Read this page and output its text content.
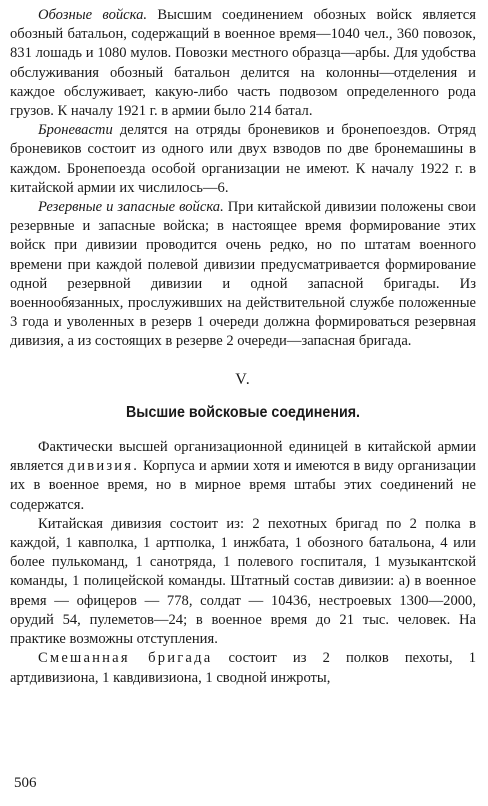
Обозные войска. Высшим соединением обозных войск является обозный батальон, содержащий в военное время—1040 чел., 360 повозок, 831 лошадь и 1080 мулов. Повозки местного образца—арбы. Для удобства обслуживания обозный батальон делится на колонны—отделения и каждое обслуживает, какую-либо часть подвозом определенного рода грузов. К началу 1921 г. в армии было 214 батал.

Броневасти делятся на отряды броневиков и бронепоездов. Отряд броневиков состоит из одного или двух взводов по две бронемашины в каждом. Бронепоезда особой организации не имеют. К началу 1922 г. в китайской армии их числилось—6.

Резервные и запасные войска. При китайской дивизии положены свои резервные и запасные войска; в настоящее время формирование этих войск при дивизии проводится очень редко, но по штатам военного времени при каждой полевой дивизии предусматривается формирование одной резервной дивизии и одной запасной бригады. Из военнообязанных, прослуживших на действительной службе положенные 3 года и уволенных в резерв 1 очереди должна формироваться резервная дивизия, а из состоящих в резерве 2 очереди—запасная бригада.

V.
Высшие войсковые соединения.

Фактически высшей организационной единицей в китайской армии является дивизия. Корпуса и армии хотя и имеются в виду организации их в военное время, но в мирное время штабы этих соединений не содержатся.

Китайская дивизия состоит из: 2 пехотных бригад по 2 полка в каждой, 1 кавполка, 1 артполка, 1 инжбата, 1 обозного батальона, 4 или более пулькоманд, 1 санотряда, 1 полевого госпиталя, 1 музыкантской команды, 1 полицейской команды. Штатный состав дивизии: а) в военное время — офицеров — 778, солдат — 10436, нестроевых 1300—2000, орудий 54, пулеметов—24; в военное время до 21 тыс. человек. На практике возможны отступления.

Смешанная бригада состоит из 2 полков пехоты, 1 артдивизиона, 1 кавдивизиона, 1 сводной инжроты,

506
